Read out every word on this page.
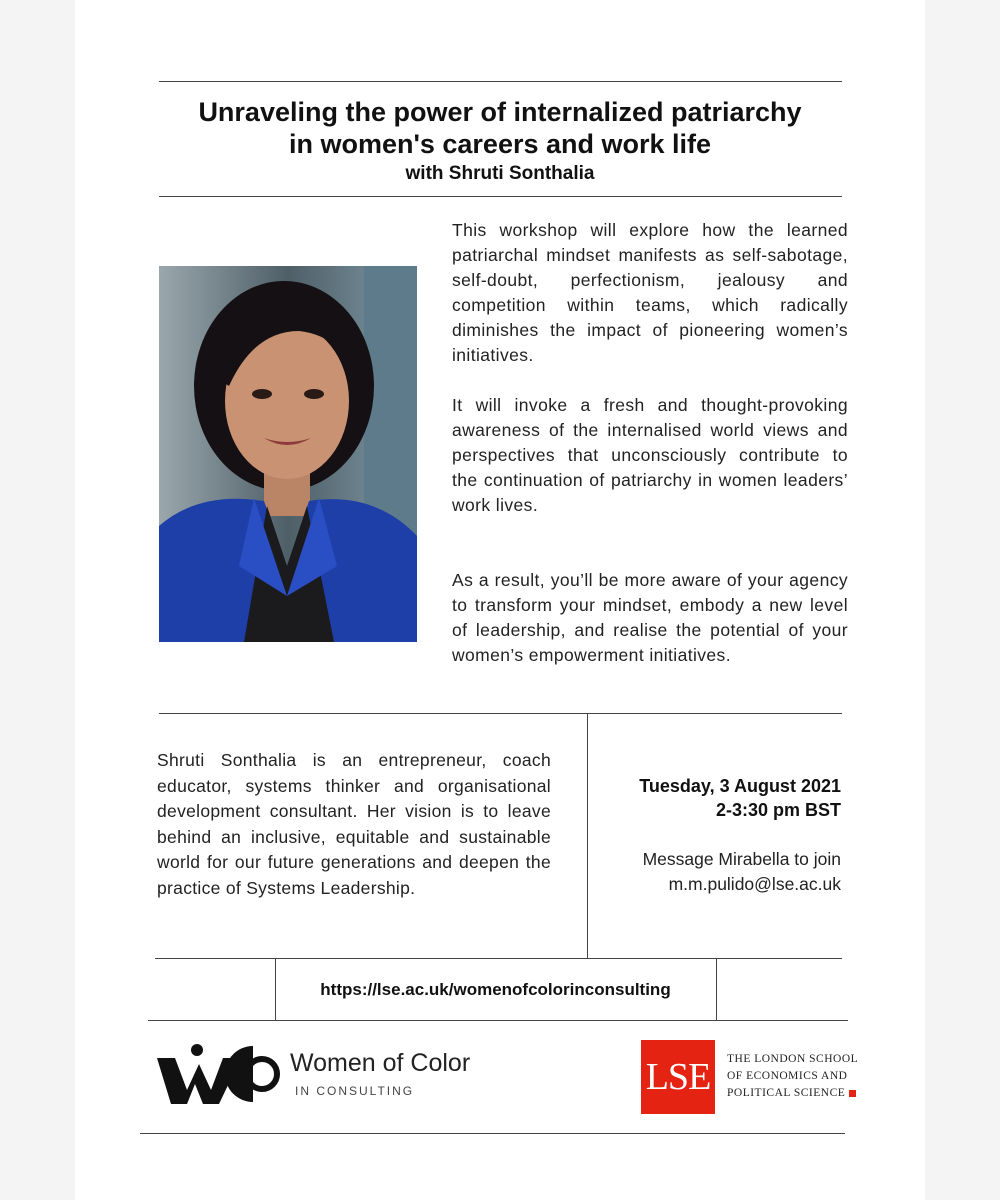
Unraveling the power of internalized patriarchy
in women's careers and work life
with Shruti Sonthalia

This workshop will explore how the learned patriarchal mindset manifests as self-sabotage, self-doubt, perfectionism, jealousy and competition within teams, which radically diminishes the impact of pioneering women’s initiatives.

It will invoke a fresh and thought-provoking awareness of the internalised world views and perspectives that unconsciously contribute to the continuation of patriarchy in women leaders’ work lives.

As a result, you’ll be more aware of your agency to transform your mindset, embody a new level of leadership, and realise the potential of your women’s empowerment initiatives.

Shruti Sonthalia is an entrepreneur, coach educator, systems thinker and organisational development consultant. Her vision is to leave behind an inclusive, equitable and sustainable world for our future generations and deepen the practice of Systems Leadership.

Tuesday, 3 August 2021
2-3:30 pm BST
Message Mirabella to join
m.m.pulido@lse.ac.uk
https://lse.ac.uk/womenofcolorinconsulting
Women of Color
IN CONSULTING	LSE	THE LONDON SCHOOL
OF ECONOMICS AND
POLITICAL SCIENCE
